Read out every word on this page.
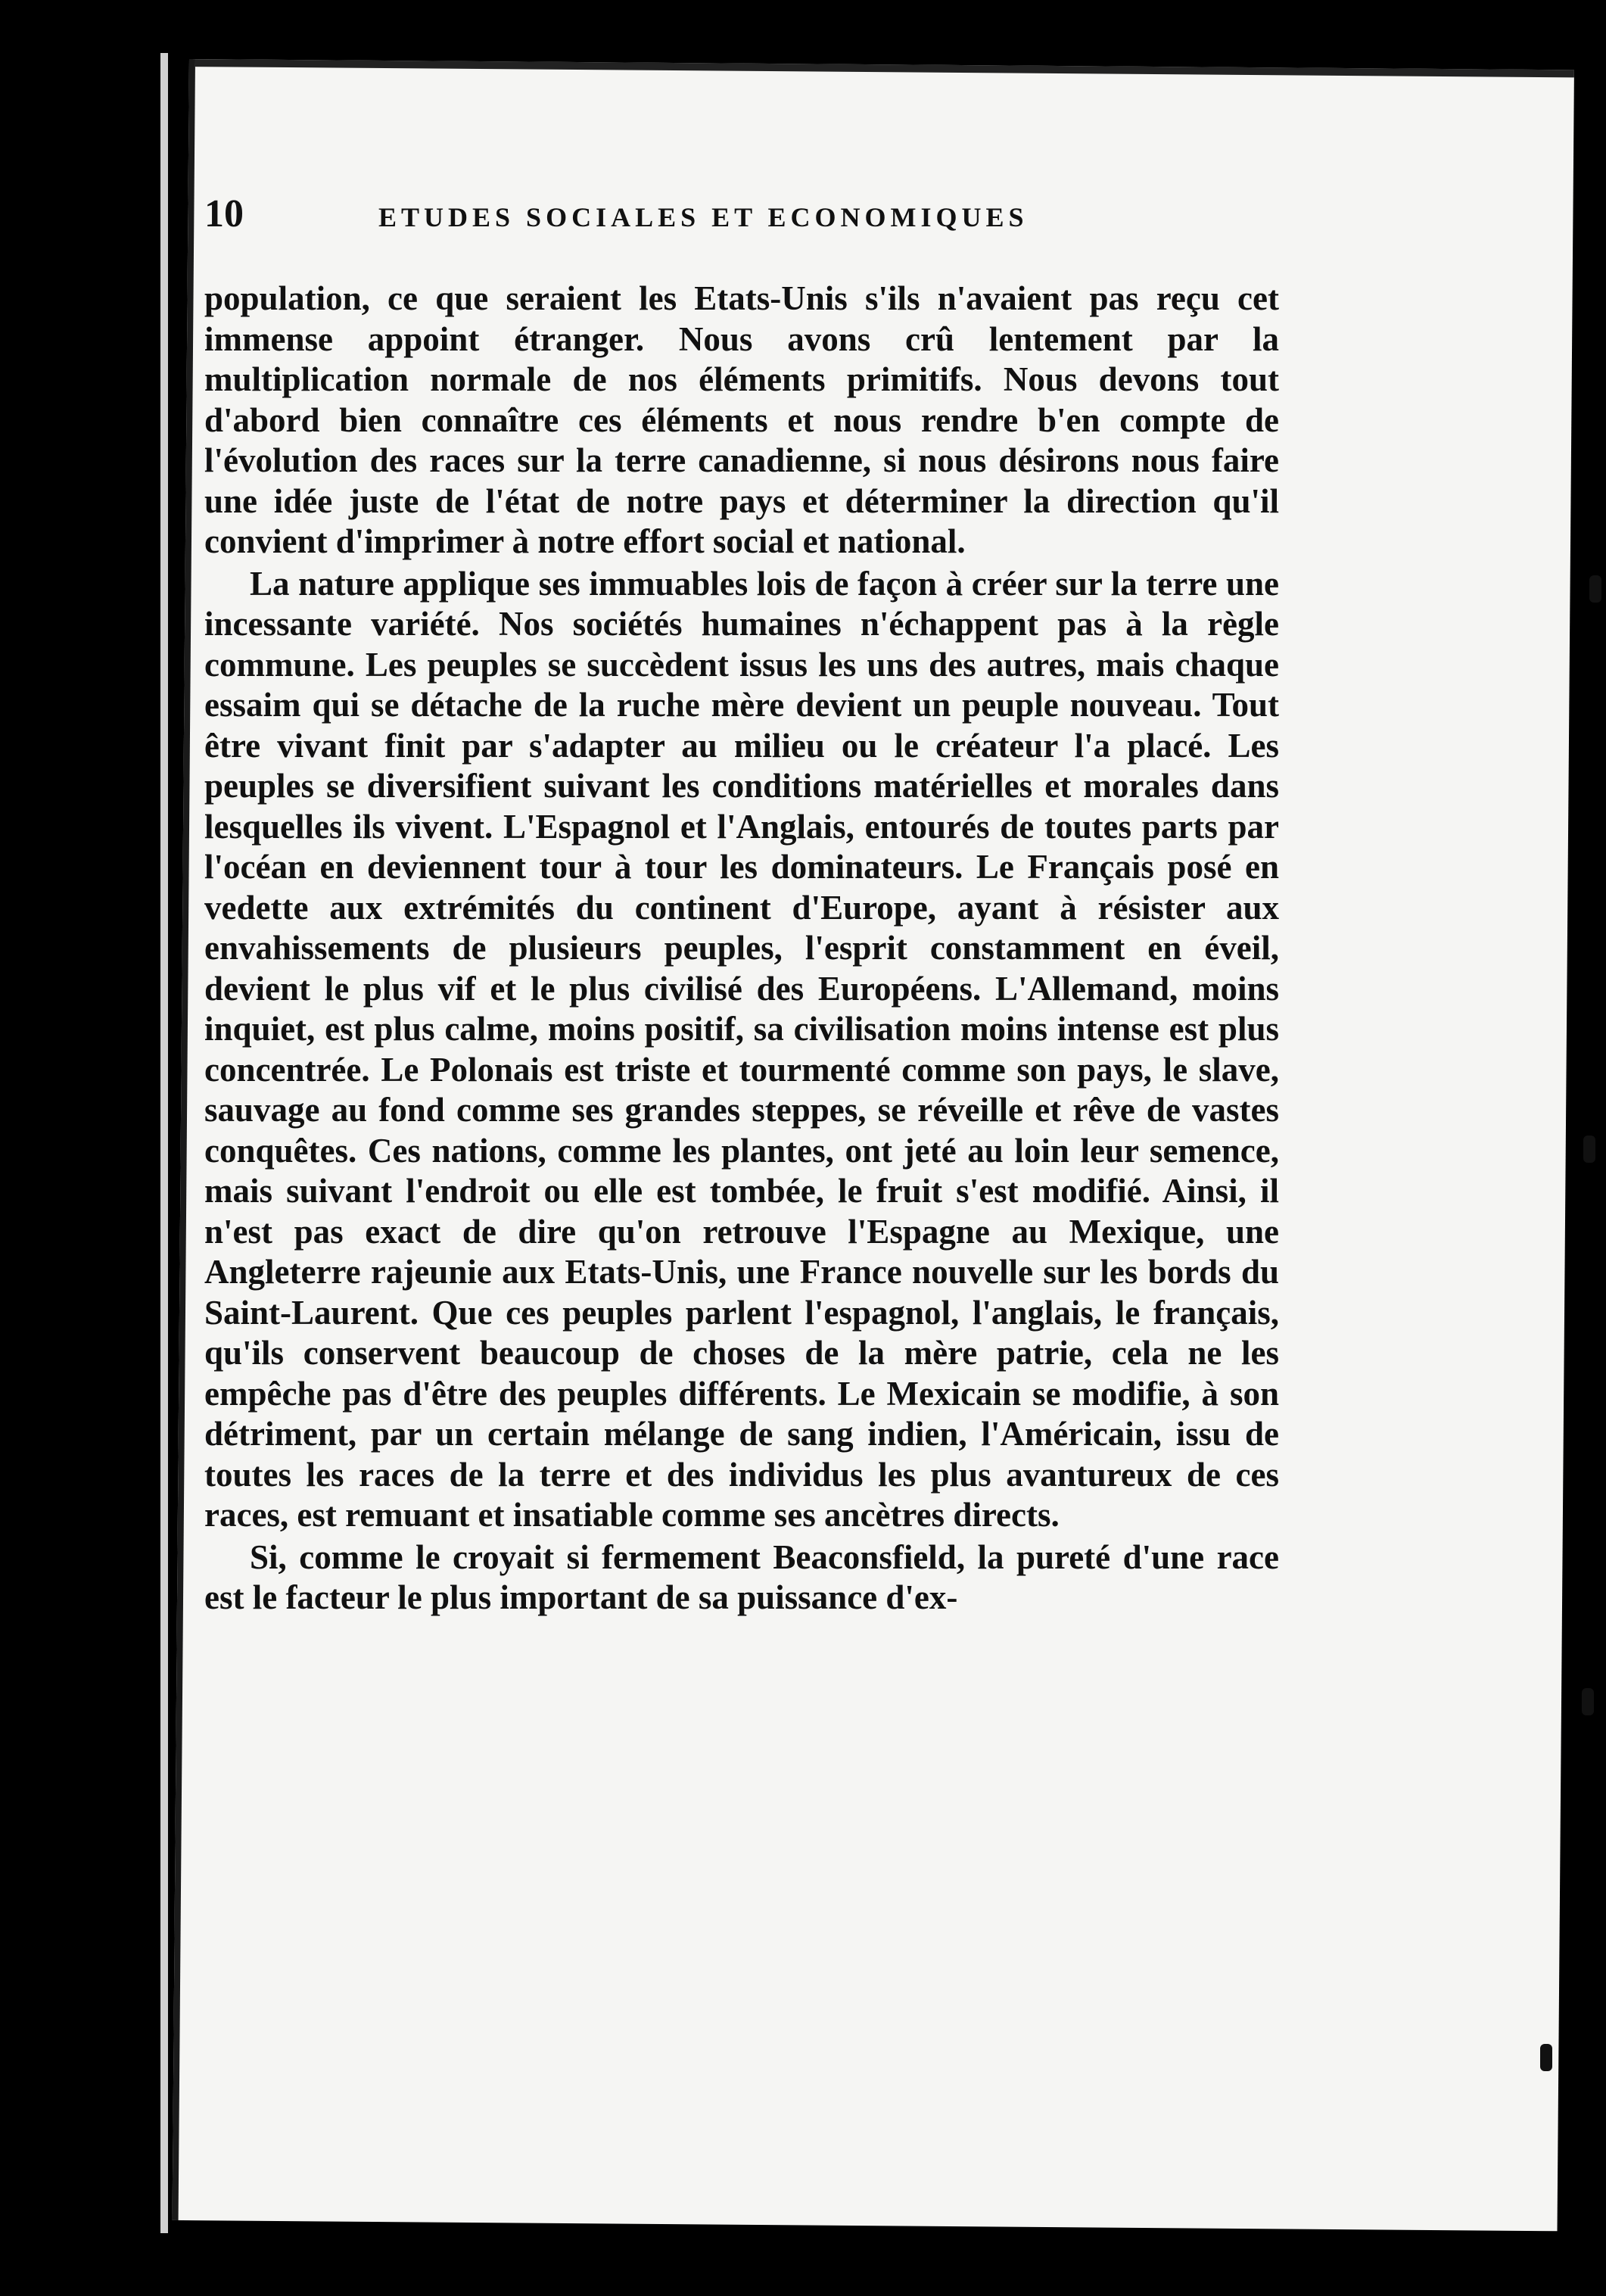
10	ETUDES SOCIALES ET ECONOMIQUES

population, ce que seraient les Etats-Unis s'ils n'avaient pas reçu cet immense appoint étranger. Nous avons crû lentement par la multiplication normale de nos éléments primitifs. Nous devons tout d'abord bien connaître ces éléments et nous rendre b'en compte de l'évolution des races sur la terre canadienne, si nous désirons nous faire une idée juste de l'état de notre pays et déterminer la direction qu'il convient d'imprimer à notre effort social et national.

La nature applique ses immuables lois de façon à créer sur la terre une incessante variété. Nos sociétés humaines n'échappent pas à la règle commune. Les peuples se succèdent issus les uns des autres, mais chaque essaim qui se détache de la ruche mère devient un peuple nouveau. Tout être vivant finit par s'adapter au milieu ou le créateur l'a placé. Les peuples se diversifient suivant les conditions matérielles et morales dans lesquelles ils vivent. L'Espagnol et l'Anglais, entourés de toutes parts par l'océan en deviennent tour à tour les dominateurs. Le Français posé en vedette aux extrémités du continent d'Europe, ayant à résister aux envahissements de plusieurs peuples, l'esprit constamment en éveil, devient le plus vif et le plus civilisé des Européens. L'Allemand, moins inquiet, est plus calme, moins positif, sa civilisation moins intense est plus concentrée. Le Polonais est triste et tourmenté comme son pays, le slave, sauvage au fond comme ses grandes steppes, se réveille et rêve de vastes conquêtes. Ces nations, comme les plantes, ont jeté au loin leur semence, mais suivant l'endroit ou elle est tombée, le fruit s'est modifié. Ainsi, il n'est pas exact de dire qu'on retrouve l'Espagne au Mexique, une Angleterre rajeunie aux Etats-Unis, une France nouvelle sur les bords du Saint-Laurent. Que ces peuples parlent l'espagnol, l'anglais, le français, qu'ils conservent beaucoup de choses de la mère patrie, cela ne les empêche pas d'être des peuples différents. Le Mexicain se modifie, à son détriment, par un certain mélange de sang indien, l'Américain, issu de toutes les races de la terre et des individus les plus avantureux de ces races, est remuant et insatiable comme ses ancètres directs.

Si, comme le croyait si fermement Beaconsfield, la pureté d'une race est le facteur le plus important de sa puissance d'ex-
